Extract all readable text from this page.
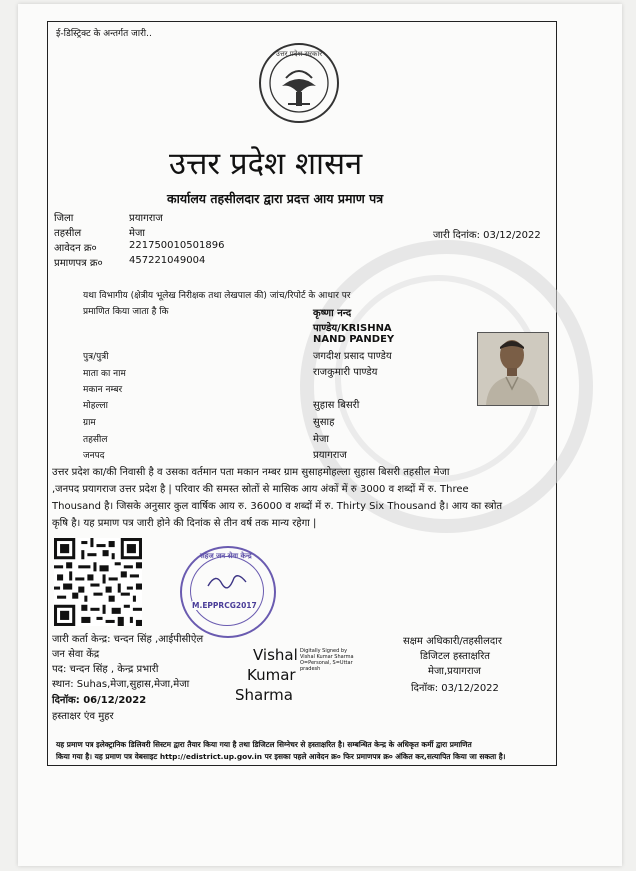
ई-डिस्ट्रिक्ट के अन्तर्गत जारी..
उत्तर प्रदेश सरकार
उत्तर प्रदेश शासन
कार्यालय तहसीलदार द्वारा प्रदत्त आय प्रमाण पत्र
जिला	प्रयागराज
तहसील	मेजा
आवेदन क्र०	221750010501896
प्रमाणपत्र क्र०	457221049004
जारी दिनांक: 03/12/2022
यथा विभागीय (क्षेत्रीय भूलेख निरीक्षक तथा लेखपाल की) जांच/रिपोर्ट के आधार पर
प्रमाणित किया जाता है कि	कृष्णा नन्द
पाण्डेय/KRISHNA
NAND PANDEY
पुत्र/पुत्री	जगदीश प्रसाद पाण्डेय
माता का नाम	राजकुमारी पाण्डेय
मकान नम्बर
मोहल्ला	सुहास बिसरी
ग्राम	सुसाह
तहसील	मेजा
जनपद	प्रयागराज
उत्तर प्रदेश का/की निवासी है व उसका वर्तमान पता मकान नम्बर ग्राम सुसाहमोहल्ला सुहास बिसरी तहसील मेजा
,जनपद प्रयागराज उत्तर प्रदेश है | परिवार की समस्त स्रोतों से मासिक आय अंकों में रु 3000 व शब्दों में रु. Three
Thousand है। जिसके अनुसार कुल वार्षिक आय रु. 36000 व शब्दों में रु. Thirty Six Thousand है। आय का स्त्रोत
कृषि है। यह प्रमाण पत्र जारी होने की दिनांक से तीन वर्ष तक मान्य रहेगा |
सहज जन सेवा केन्द्र
M.EPPRCG2017
जारी कर्ता केन्द्र: चन्दन सिंह ,आईपीसीऐल
जन सेवा केंद्र
पद: चन्दन सिंह , केन्द्र प्रभारी
स्थान: Suhas,मेजा,सुहास,मेजा,मेजा
दिनॉक: 06/12/2022
हस्ताक्षर एंव मुहर
Vishal
Kumar
Sharma
Digitally Signed by
Vishal Kumar Sharma
O=Personal, S=Uttar
pradesh
सक्षम अधिकारी/तहसीलदार
डिजिटल हस्ताक्षरित
मेजा,प्रयागराज
दिनॉक: 03/12/2022
यह प्रमाण पत्र इलेक्ट्रानिक डिलिवरी सिस्टम द्वारा तैयार किया गया है तथा डिजिटल सिग्नेचर से हस्ताक्षरित है। सम्बन्धित केन्द्र के अधिकृत कर्मी द्वारा प्रमाणित
किया गया है। यह प्रमाण पत्र वेबसाइट http://edistrict.up.gov.in पर इसका पहले आवेदन क्र० फिर प्रमाणपत्र क्र० अंकित कर,सत्यापित किया जा सकता है।
